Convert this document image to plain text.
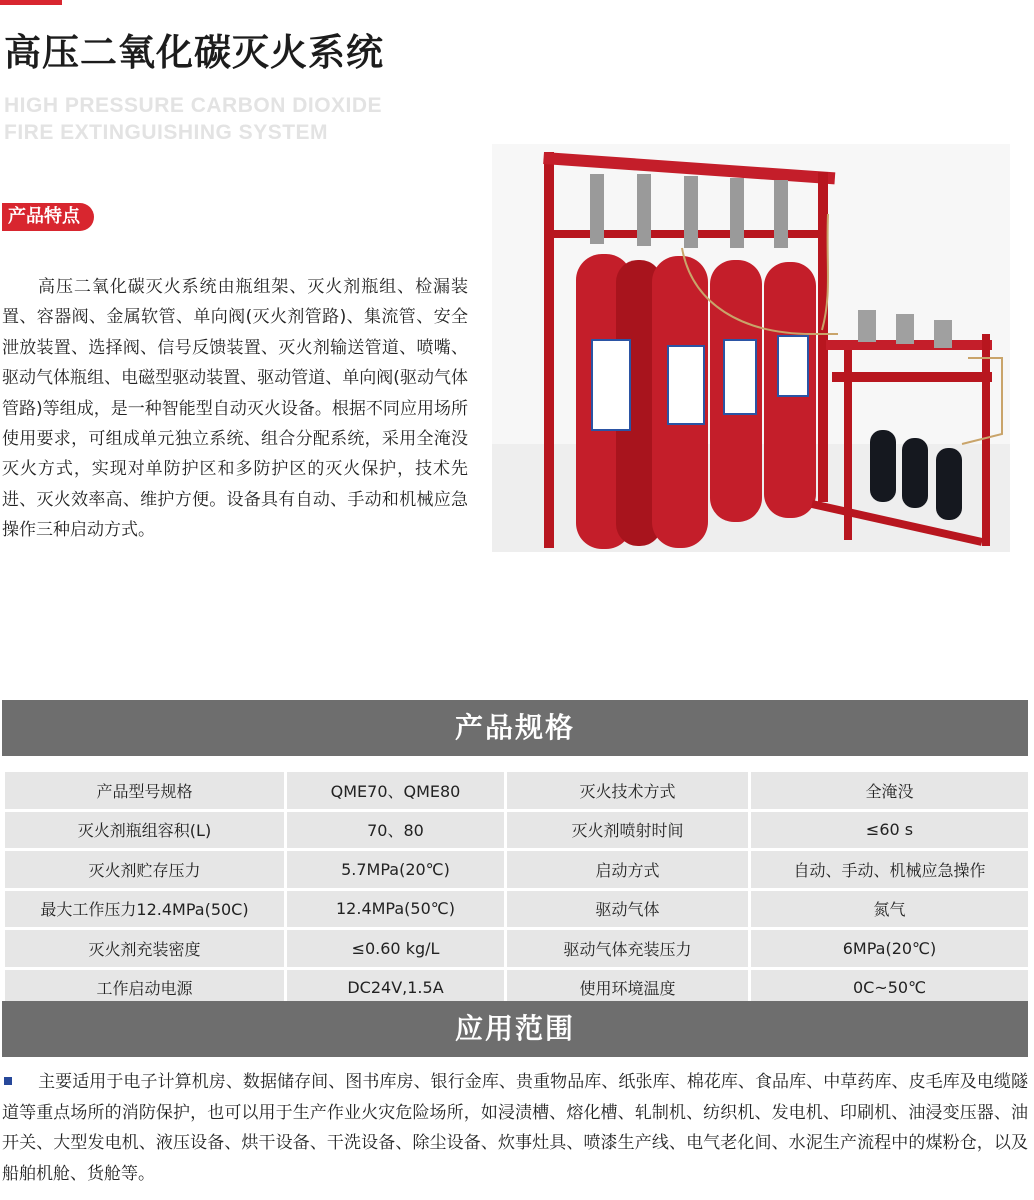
高压二氧化碳灭火系统
HIGH PRESSURE CARBON DIOXIDE
FIRE EXTINGUISHING SYSTEM
产品特点
高压二氧化碳灭火系统由瓶组架、灭火剂瓶组、检漏装置、容器阀、金属软管、单向阀(灭火剂管路)、集流管、安全泄放装置、选择阀、信号反馈装置、灭火剂输送管道、喷嘴、驱动气体瓶组、电磁型驱动装置、驱动管道、单向阀(驱动气体管路)等组成，是一种智能型自动灭火设备。根据不同应用场所使用要求，可组成单元独立系统、组合分配系统，采用全淹没灭火方式，实现对单防护区和多防护区的灭火保护，技术先进、灭火效率高、维护方便。设备具有自动、手动和机械应急操作三种启动方式。
产品规格
产品型号规格	QME70、QME80	灭火技术方式	全淹没
灭火剂瓶组容积(L)	70、80	灭火剂喷射时间	≤60 s
灭火剂贮存压力	5.7MPa(20℃)	启动方式	自动、手动、机械应急操作
最大工作压力12.4MPa(50C)	12.4MPa(50℃)	驱动气体	氮气
灭火剂充装密度	≤0.60 kg/L	驱动气体充装压力	6MPa(20℃)
工作启动电源	DC24V,1.5A	使用环境温度	0C~50℃
应用范围
主要适用于电子计算机房、数据储存间、图书库房、银行金库、贵重物品库、纸张库、棉花库、食品库、中草药库、皮毛库及电缆隧道等重点场所的消防保护，也可以用于生产作业火灾危险场所，如浸渍槽、熔化槽、轧制机、纺织机、发电机、印刷机、油浸变压器、油开关、大型发电机、液压设备、烘干设备、干洗设备、除尘设备、炊事灶具、喷漆生产线、电气老化间、水泥生产流程中的煤粉仓，以及船舶机舱、货舱等。
